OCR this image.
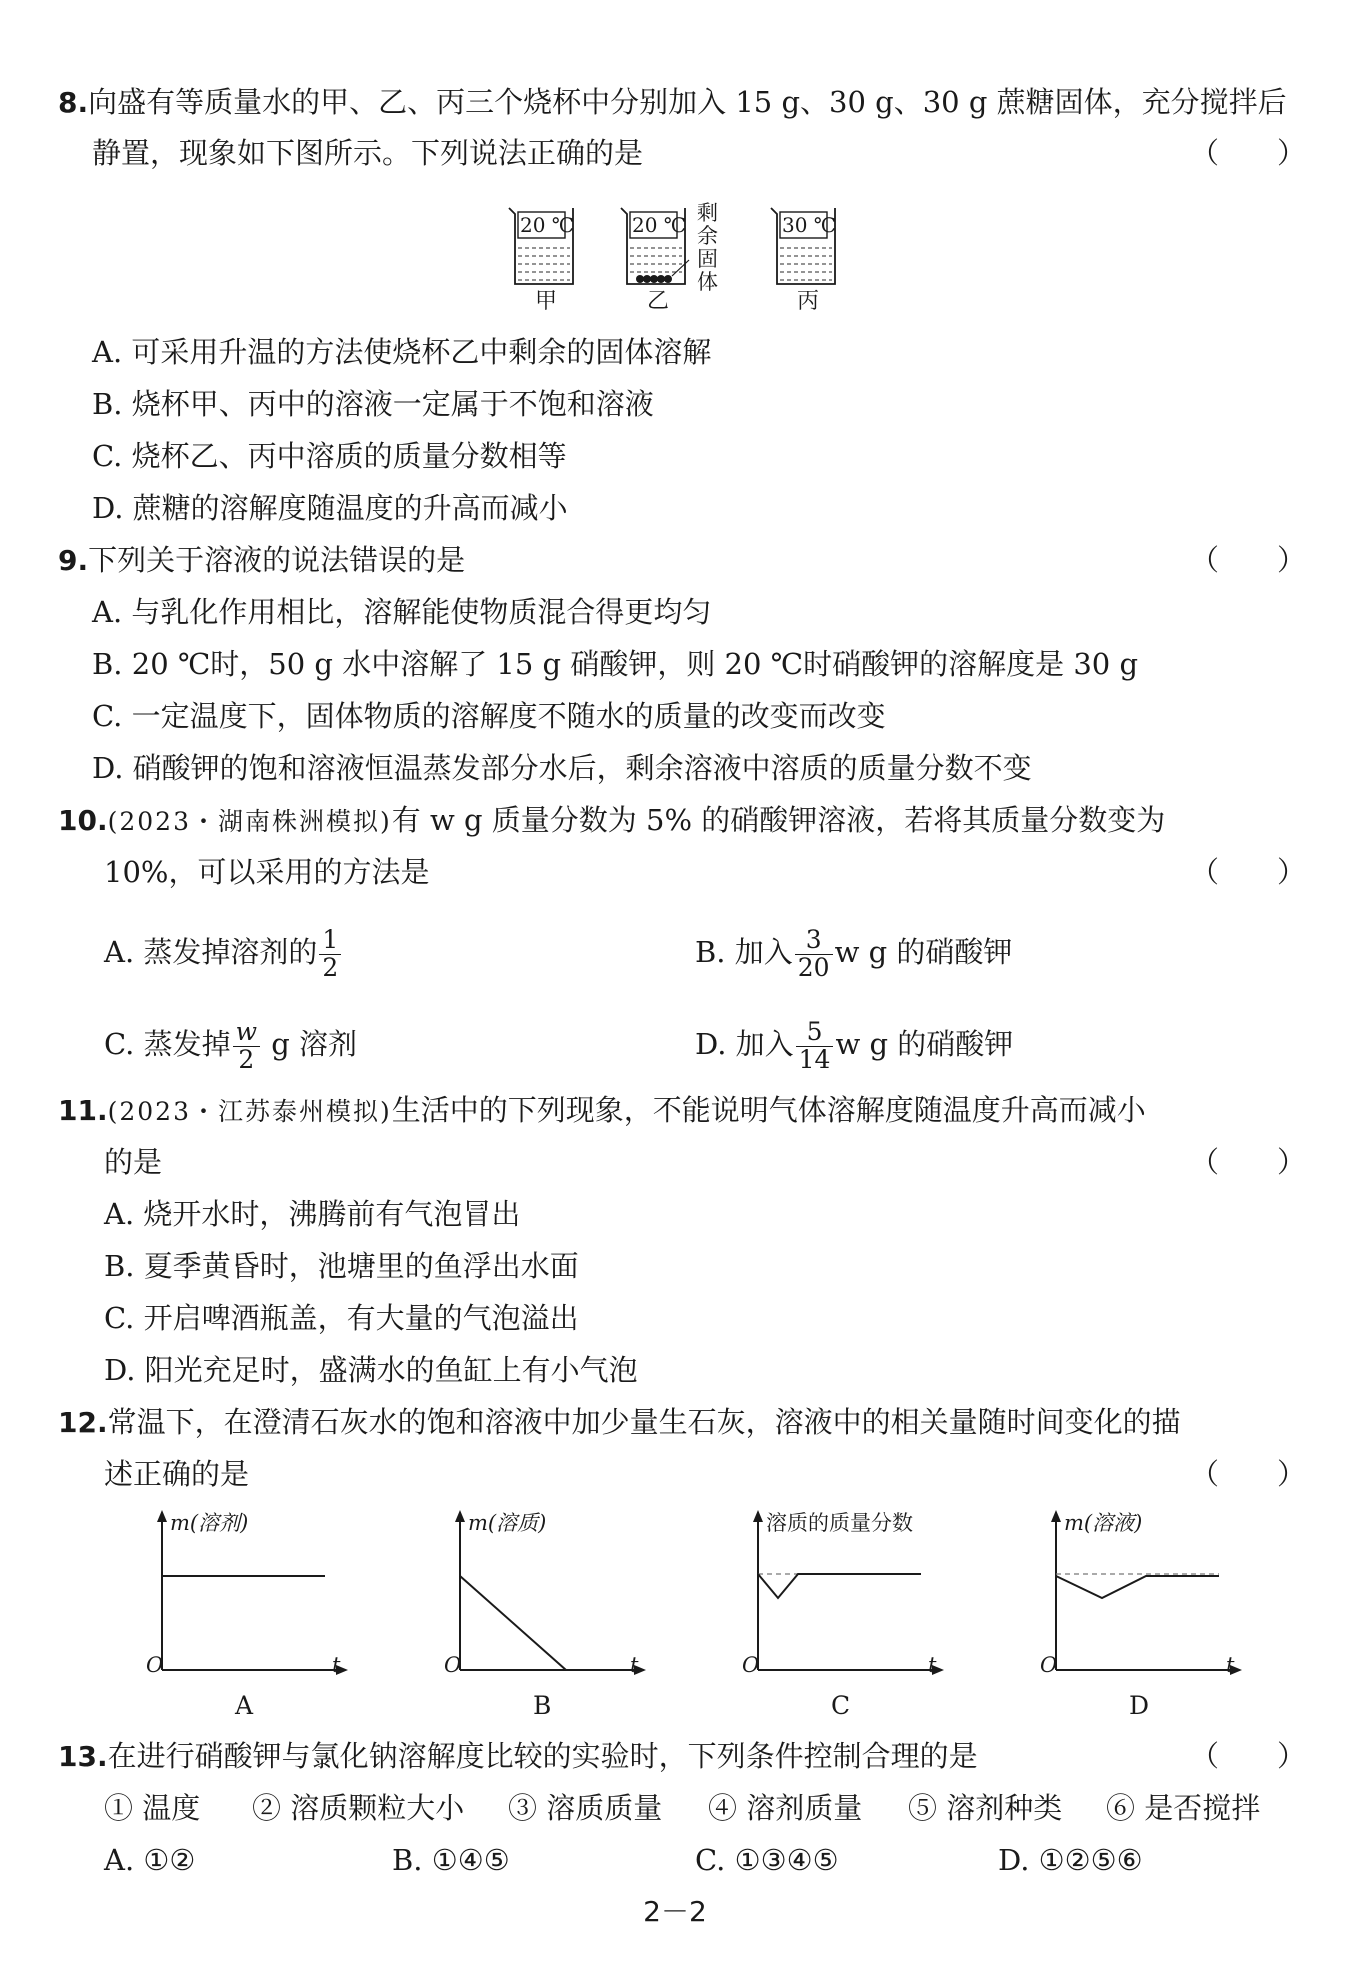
8.向盛有等质量水的甲、乙、丙三个烧杯中分别加入 15 g、30 g、30 g 蔗糖固体，充分搅拌后
静置，现象如下图所示。下列说法正确的是	（　　）
20 ℃
甲
20 ℃
乙
剩
余
固
体
30 ℃
丙
A. 可采用升温的方法使烧杯乙中剩余的固体溶解
B. 烧杯甲、丙中的溶液一定属于不饱和溶液
C. 烧杯乙、丙中溶质的质量分数相等
D. 蔗糖的溶解度随温度的升高而减小
9.下列关于溶液的说法错误的是	（　　）
A. 与乳化作用相比，溶解能使物质混合得更均匀
B. 20 ℃时，50 g 水中溶解了 15 g 硝酸钾，则 20 ℃时硝酸钾的溶解度是 30 g
C. 一定温度下，固体物质的溶解度不随水的质量的改变而改变
D. 硝酸钾的饱和溶液恒温蒸发部分水后，剩余溶液中溶质的质量分数不变
10.(2023・湖南株洲模拟)有 w g 质量分数为 5% 的硝酸钾溶液，若将其质量分数变为
10%，可以采用的方法是	（　　）
A. 蒸发掉溶剂的 $\frac{1}{2}$	B. 加入 $\frac{3}{20}$ w g 的硝酸钾
C. 蒸发掉 $\frac{w}{2}$ g 溶剂	D. 加入 $\frac{5}{14}$ w g 的硝酸钾
11.(2023・江苏泰州模拟)生活中的下列现象，不能说明气体溶解度随温度升高而减小
的是	（　　）
A. 烧开水时，沸腾前有气泡冒出
B. 夏季黄昏时，池塘里的鱼浮出水面
C. 开启啤酒瓶盖，有大量的气泡溢出
D. 阳光充足时，盛满水的鱼缸上有小气泡
12.常温下，在澄清石灰水的饱和溶液中加少量生石灰，溶液中的相关量随时间变化的描
述正确的是	（　　）
m(溶剂)
O	t
A
m(溶质)
O	t
B
溶质的质量分数
O	t
C
m(溶液)
O	t
D
13.在进行硝酸钾与氯化钠溶解度比较的实验时，下列条件控制合理的是	（　　）
① 温度 ② 溶质颗粒大小 ③ 溶质质量 ④ 溶剂质量 ⑤ 溶剂种类 ⑥ 是否搅拌
A. ①②	B. ①④⑤	C. ①③④⑤	D. ①②⑤⑥
2－2
